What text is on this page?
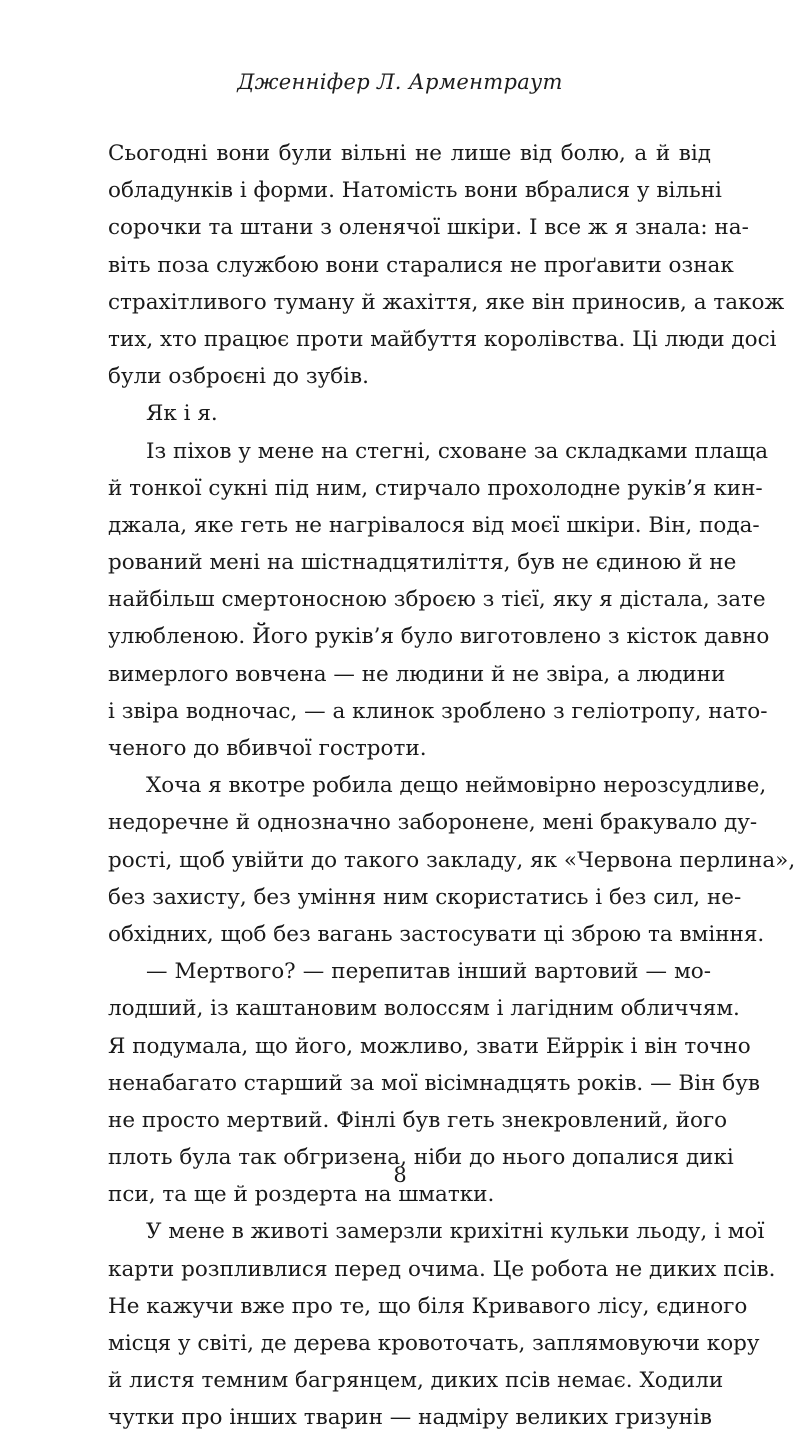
Дженніфер Л. Арментраут
Сьогодні вони були вільні не лише від болю, а й від
обладунків і форми. Натомість вони вбралися у вільні
сорочки та штани з оленячої шкіри. І все ж я знала: на-
віть поза службою вони старалися не проґавити ознак
страхітливого туману й жахіття, яке він приносив, а також
тих, хто працює проти майбуття королівства. Ці люди досі
були озброєні до зубів.
Як і я.
Із піхов у мене на стегні, сховане за складками плаща
й тонкої сукні під ним, стирчало прохолодне руків’я кин-
джала, яке геть не нагрівалося від моєї шкіри. Він, пода-
рований мені на шістнадцятиліття, був не єдиною й не
найбільш смертоносною зброєю з тієї, яку я дістала, зате
улюбленою. Його руків’я було виготовлено з кісток давно
вимерлого вовчена — не людини й не звіра, а людини
і звіра водночас, — а клинок зроблено з геліотропу, нато-
ченого до вбивчої гостроти.
Хоча я вкотре робила дещо неймовірно нерозсудливе,
недоречне й однозначно заборонене, мені бракувало ду-
рості, щоб увійти до такого закладу, як «Червона перлина»,
без захисту, без уміння ним скористатись і без сил, не-
обхідних, щоб без вагань застосувати ці зброю та вміння.
— Мертвого? — перепитав інший вартовий — мо-
лодший, із каштановим волоссям і лагідним обличчям.
Я подумала, що його, можливо, звати Ейррік і він точно
ненабагато старший за мої вісімнадцять років. — Він був
не просто мертвий. Фінлі був геть знекровлений, його
плоть була так обгризена, ніби до нього допалися дикі
пси, та ще й роздерта на шматки.
У мене в животі замерзли крихітні кульки льоду, і мої
карти розпливлися перед очима. Це робота не диких псів.
Не кажучи вже про те, що біля Кривавого лісу, єдиного
місця у світі, де дерева кровоточать, заплямовуючи кору
й листя темним багрянцем, диких псів немає. Ходили
чутки про інших тварин — надміру великих гризунів
8
